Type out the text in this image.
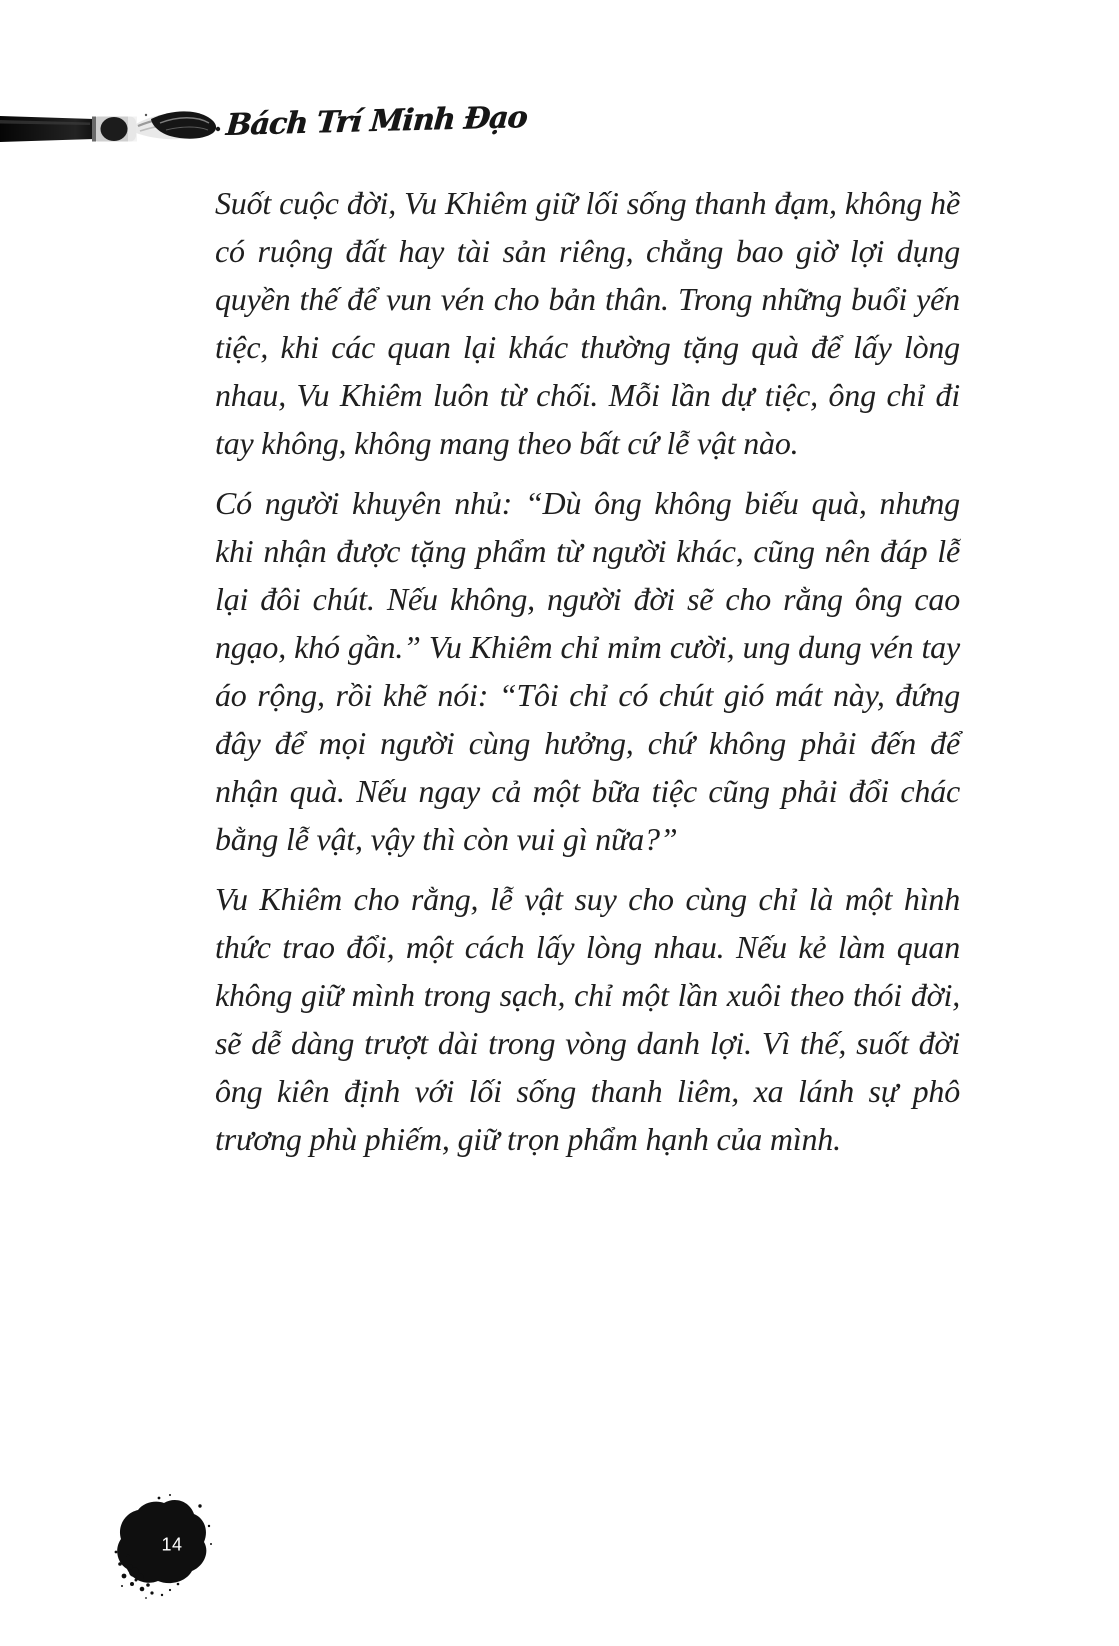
Bách Trí Minh Đạo

Suốt cuộc đời, Vu Khiêm giữ lối sống thanh đạm, không hề có ruộng đất hay tài sản riêng, chẳng bao giờ lợi dụng quyền thế để vun vén cho bản thân. Trong những buổi yến tiệc, khi các quan lại khác thường tặng quà để lấy lòng nhau, Vu Khiêm luôn từ chối. Mỗi lần dự tiệc, ông chỉ đi tay không, không mang theo bất cứ lễ vật nào.

Có người khuyên nhủ: “Dù ông không biếu quà, nhưng khi nhận được tặng phẩm từ người khác, cũng nên đáp lễ lại đôi chút. Nếu không, người đời sẽ cho rằng ông cao ngạo, khó gần.” Vu Khiêm chỉ mỉm cười, ung dung vén tay áo rộng, rồi khẽ nói: “Tôi chỉ có chút gió mát này, đứng đây để mọi người cùng hưởng, chứ không phải đến để nhận quà. Nếu ngay cả một bữa tiệc cũng phải đổi chác bằng lễ vật, vậy thì còn vui gì nữa?”

Vu Khiêm cho rằng, lễ vật suy cho cùng chỉ là một hình thức trao đổi, một cách lấy lòng nhau. Nếu kẻ làm quan không giữ mình trong sạch, chỉ một lần xuôi theo thói đời, sẽ dễ dàng trượt dài trong vòng danh lợi. Vì thế, suốt đời ông kiên định với lối sống thanh liêm, xa lánh sự phô trương phù phiếm, giữ trọn phẩm hạnh của mình.

14
